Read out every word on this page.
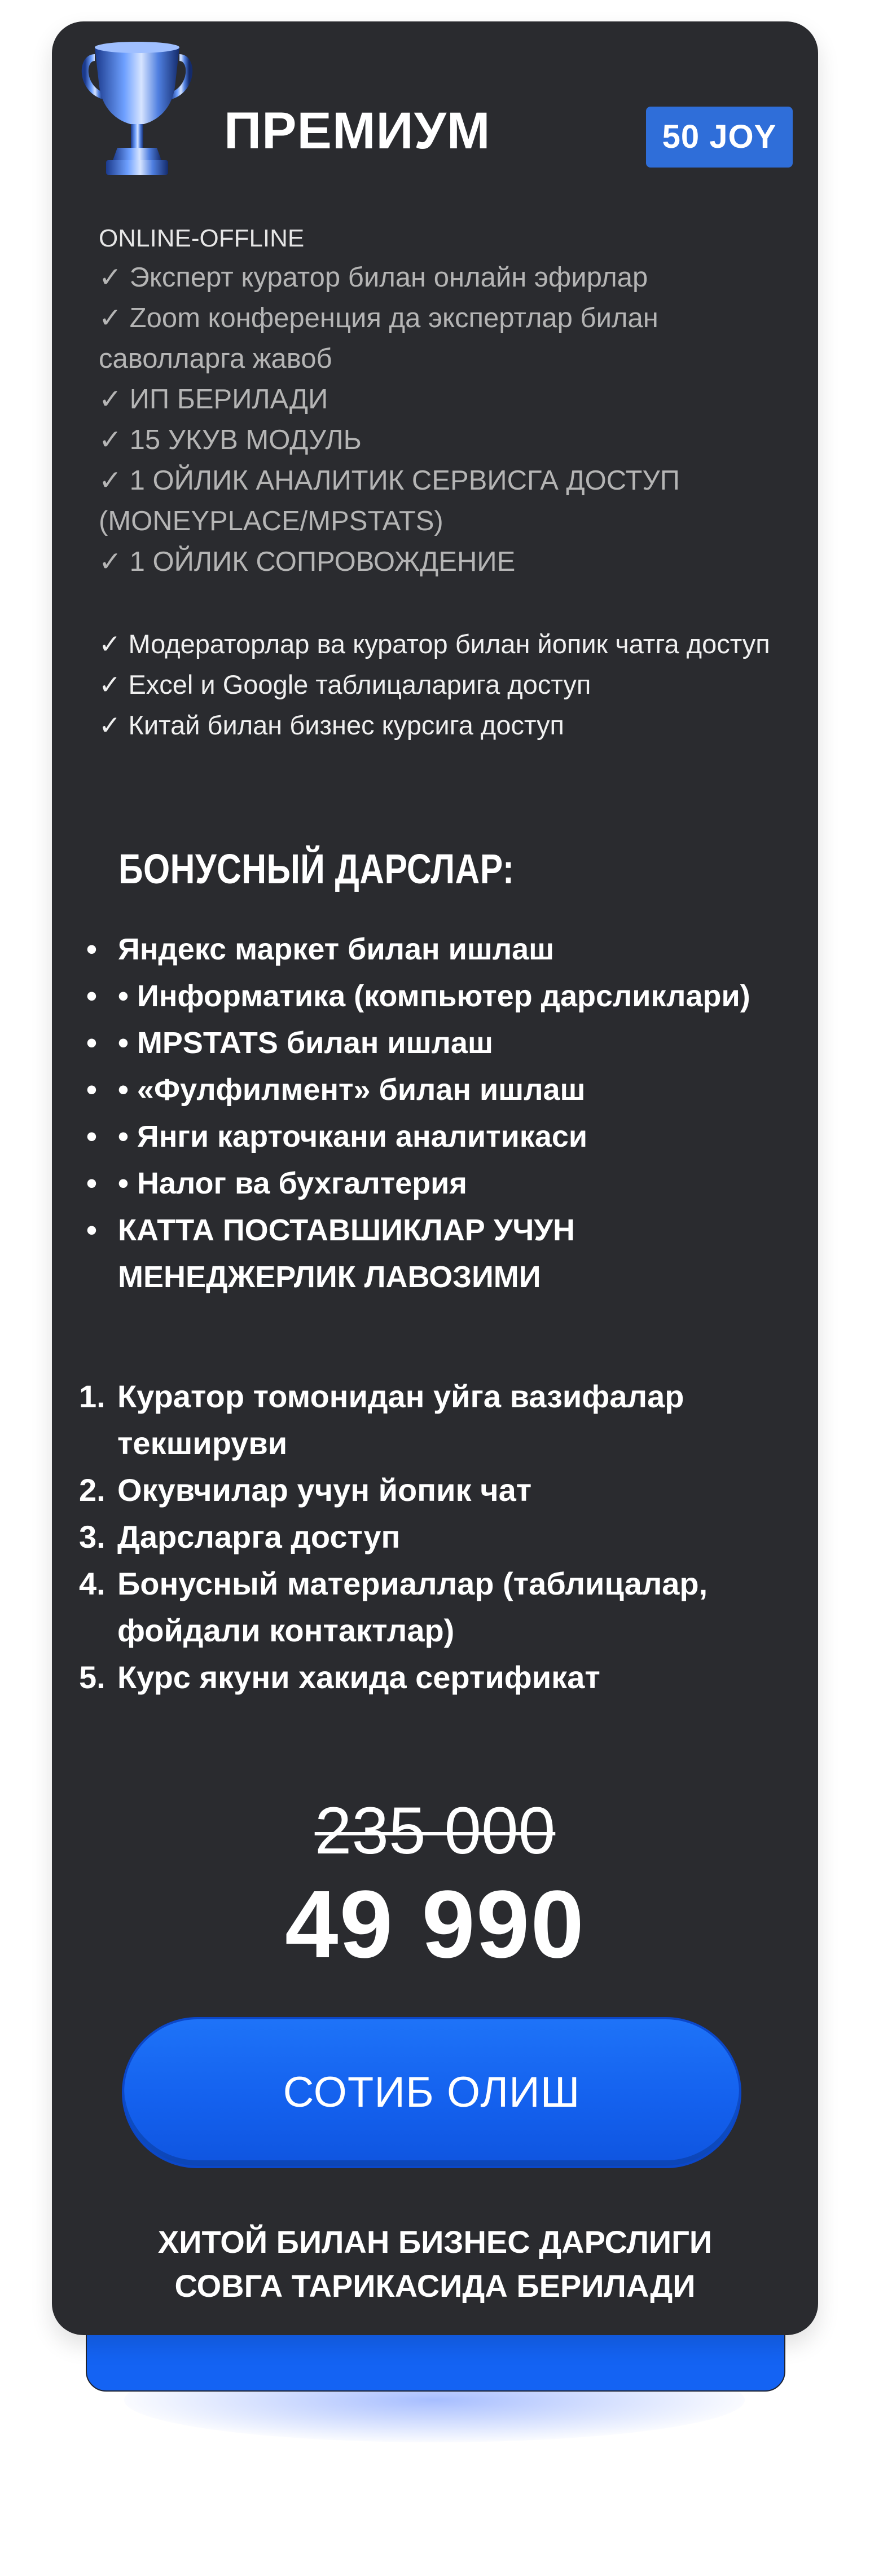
ПРЕМИУМ	50 JOY
ONLINE-OFFLINE
✓ Эксперт куратор билан онлайн эфирлар
✓ Zoom конференция да экспертлар билан саволларга жавоб
✓ ИП БЕРИЛАДИ
✓ 15 УКУВ МОДУЛЬ
✓ 1 ОЙЛИК АНАЛИТИК СЕРВИСГА ДОСТУП (MONEYPLACE/MPSTATS)
✓ 1 ОЙЛИК СОПРОВОЖДЕНИЕ
✓ Модераторлар ва куратор билан йопик чатга доступ
✓ Excel и Google таблицаларига доступ
✓ Китай билан бизнес курсига доступ
БОНУСНЫЙ ДАРСЛАР:
• Яндекс маркет билан ишлаш
• • Информатика (компьютер дарсликлари)
• • MPSTATS билан ишлаш
• • «Фулфилмент» билан ишлаш
• • Янги карточкани аналитикаси
• • Налог ва бухгалтерия
• КАТТА ПОСТАВШИКЛАР УЧУН МЕНЕДЖЕРЛИК ЛАВОЗИМИ
1. Куратор томонидан уйга вазифалар текшируви
2. Окувчилар учун йопик чат
3. Дарсларга доступ
4. Бонусный материаллар (таблицалар, фойдали контактлар)
5. Курс якуни хакида сертификат
235 000
49 990
СОТИБ ОЛИШ
ХИТОЙ БИЛАН БИЗНЕС ДАРСЛИГИ
СОВГА ТАРИКАСИДА БЕРИЛАДИ
